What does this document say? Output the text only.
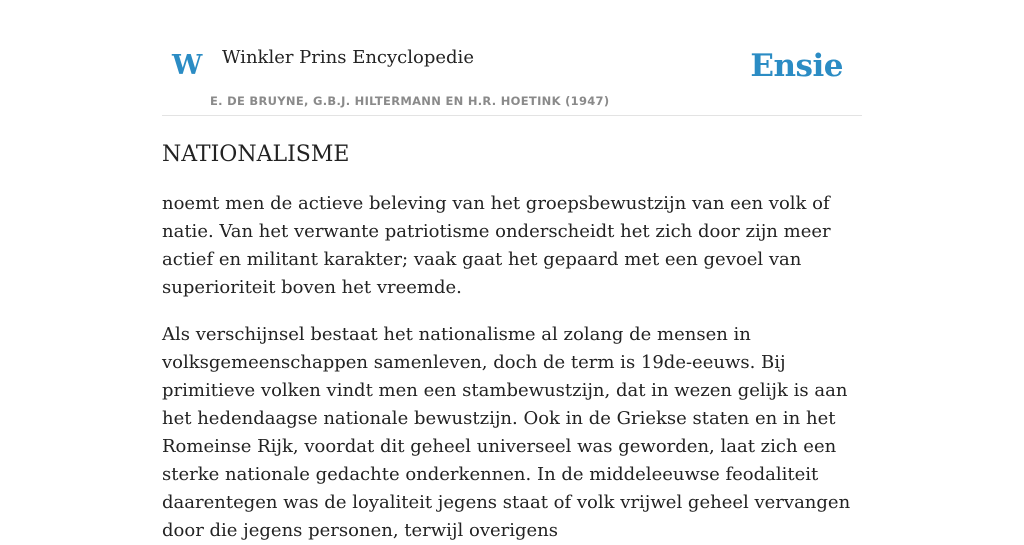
W Winkler Prins Encyclopedie
E. DE BRUYNE, G.B.J. HILTERMANN EN H.R. HOETINK (1947)
Ensie
NATIONALISME

noemt men de actieve beleving van het groepsbewustzijn van een volk of natie. Van het verwante patriotisme onderscheidt het zich door zijn meer actief en militant karakter; vaak gaat het gepaard met een gevoel van superioriteit boven het vreemde.

Als verschijnsel bestaat het nationalisme al zolang de mensen in volksgemeenschappen samenleven, doch de term is 19de-eeuws. Bij primitieve volken vindt men een stambewustzijn, dat in wezen gelijk is aan het hedendaagse nationale bewustzijn. Ook in de Griekse staten en in het Romeinse Rijk, voordat dit geheel universeel was geworden, laat zich een sterke nationale gedachte onderkennen. In de middeleeuwse feodaliteit daarentegen was de loyaliteit jegens staat of volk vrijwel geheel vervangen door die jegens personen, terwijl overigens
